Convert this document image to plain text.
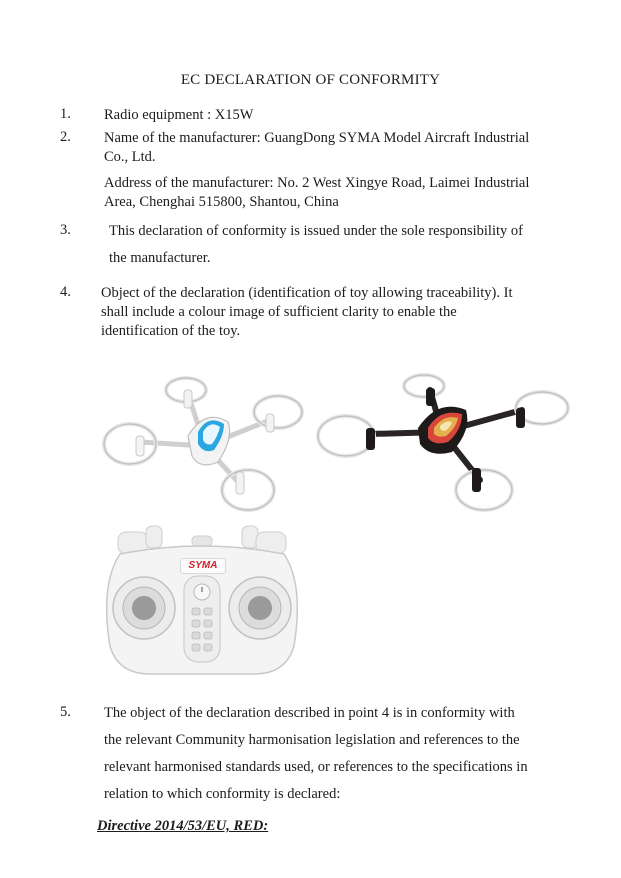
EC DECLARATION OF CONFORMITY
1. Radio equipment : X15W
2. Name of the manufacturer: GuangDong SYMA Model Aircraft Industrial
Co., Ltd.
Address of the manufacturer: No. 2 West Xingye Road, Laimei Industrial
Area, Chenghai 515800, Shantou, China
3.	This declaration of conformity is issued under the sole responsibility of
the manufacturer.
4. Object of the declaration (identification of toy allowing traceability). It
shall include a colour image of sufficient clarity to enable the
identification of the toy.
SYMA
5. The object of the declaration described in point 4 is in conformity with
the relevant Community harmonisation legislation and references to the
relevant harmonised standards used, or references to the specifications in
relation to which conformity is declared:
Directive 2014/53/EU, RED:
